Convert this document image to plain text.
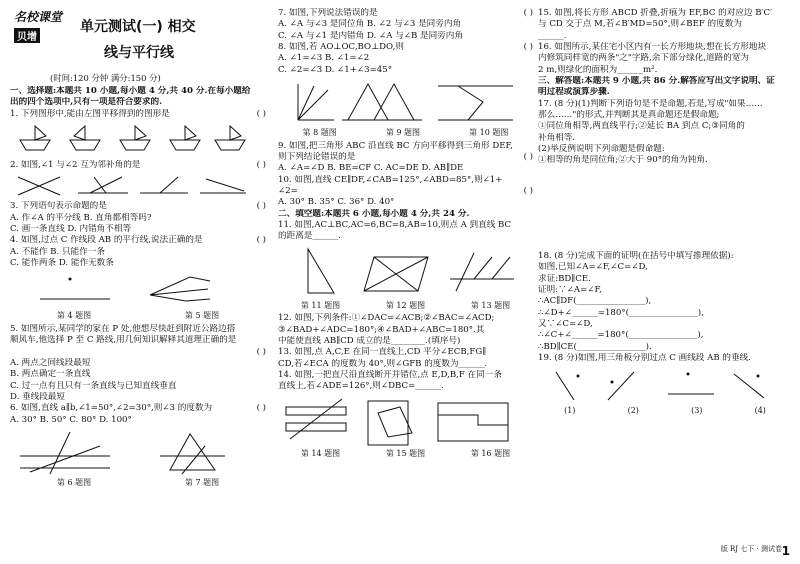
名校课堂
贝增
单元测试(一) 相交
线与平行线
(时间:120 分钟 满分:150 分)
一、选择题:本题共 10 小题,每小题 4 分,共 40 分.在每小题给
出的四个选项中,只有一项是符合要求的.
1. 下列图形中,能由左图平移得到的图形是	( )
2. 如图,∠1 与∠2 互为邻补角的是	( )
3. 下列语句表示命题的是	( )
A. 作∠A 的平分线 B. 直角都相等吗?
C. 画一条直线 D. 内错角不相等
4. 如图,过点 C 作线段 AB 的平行线,说法正确的是	( )
A. 不能作 B. 只能作一条
C. 能作两条 D. 能作无数条
第 4 题图	第 5 题图
5. 如图所示,某同学的家在 P 处,他想尽快赶到附近公路边搭
顺风车,他选择 P 至 C 路线,用几何知识解释其道理正确的是
( )
A. 两点之间线段最短
B. 两点确定一条直线
C. 过一点有且只有一条直线与已知直线垂直
D. 垂线段最短
6. 如图,直线 a∥b,∠1=50°,∠2=30°,则∠3 的度数为	( )
A. 30° B. 50° C. 80° D. 100°
第 6 题图	第 7 题图
7. 如图,下列说法错误的是	( )
A. ∠A 与∠3 是同位角 B. ∠2 与∠3 是同旁内角
C. ∠A 与∠1 是内错角 D. ∠A 与∠B 是同旁内角
8. 如图,若 AO⊥OC,BO⊥DO,则	( )
A. ∠1=∠3 B. ∠1=∠2
C. ∠2=∠3 D. ∠1+∠3=45°
第 8 题图	第 9 题图	第 10 题图
9. 如图,把三角形 ABC 沿直线 BC 方向平移得到三角形 DEF,
则下列结论错误的是	( )
A. ∠A=∠D B. BE=CF C. AC=DE D. AB∥DE
10. 如图,直线 CE∥DF,∠CAB=125°,∠ABD=85°,则∠1+
∠2=	( )
A. 30° B. 35° C. 36° D. 40°
二、填空题:本题共 6 小题,每小题 4 分,共 24 分.
11. 如图,AC⊥BC,AC=6,BC=8,AB=10,则点 A 到直线 BC
的距离是______.
第 11 题图	第 12 题图	第 13 题图
12. 如图,下列条件:①∠DAC=∠ACB;②∠BAC=∠ACD;
③∠BAD+∠ADC=180°;④∠BAD+∠ABC=180°.其
中能使直线 AB∥CD 成立的是________.(填序号)
13. 如图,点 A,C,E 在同一直线上,CD 平分∠ECB,FG∥
CD,若∠ECA 的度数为 40°,则∠GFB 的度数为______.
14. 如图,一把直尺沿直线断开并错位,点 E,D,B,F 在同一条
直线上,若∠ADE=126°,则∠DBC=______.
第 14 题图	第 15 题图	第 16 题图
15. 如图,将长方形 ABCD 折叠,折痕为 EF,BC 的对应边 B′C′
与 CD 交于点 M,若∠B′MD=50°,则∠BEF 的度数为
______.
16. 如图所示,某住宅小区内有一长方形地块,想在长方形地块
内修筑同样宽的两条"之"字路,余下部分绿化,道路的宽为
2 m,则绿化的面积为______m².
三、解答题:本题共 9 小题,共 86 分.解答应写出文字说明、证
明过程或演算步骤.
17. (8 分)(1)判断下列语句是不是命题,若是,写成"如果……
那么……"的形式,并判断其是真命题还是假命题;
①同位角相等,两直线平行;②延长 BA 到点 C;③同角的
补角相等.
(2)举反例说明下列命题是假命题:
①相等的角是同位角;②大于 90°的角为钝角.
18. (8 分)完成下面的证明(在括号中填写推理依据):
如图,已知∠A=∠F,∠C=∠D,
求证:BD∥CE.
证明:∵∠A=∠F,
∴AC∥DF(________________),
∴∠D+∠______=180°(________________),
又∵∠C=∠D,
∴∠C+∠______=180°(________________),
∴BD∥CE(________________).
19. (8 分)如图,用三角板分别过点 C 画线段 AB 的垂线.
(1)	(2)	(3)	(4)
版 RJ 七下 · 测试卷 1
